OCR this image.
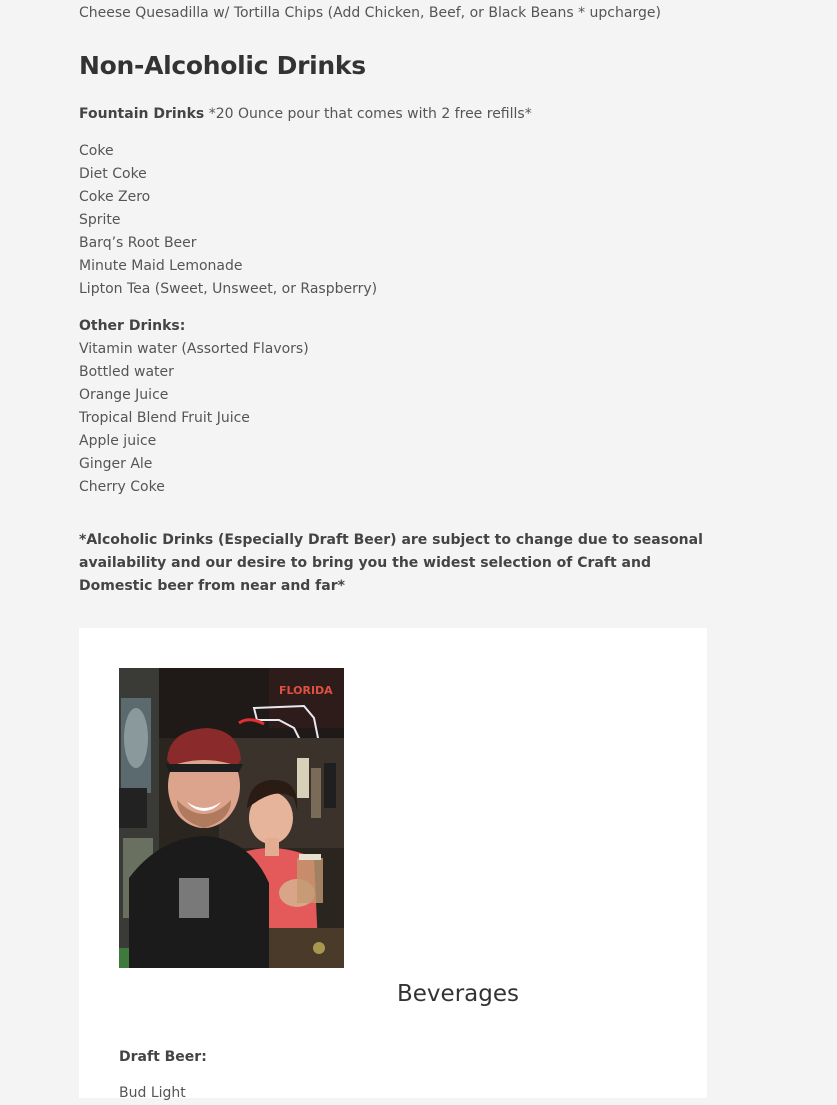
Cheese Quesadilla w/ Tortilla Chips (Add Chicken, Beef, or Black Beans * upcharge)
Non-Alcoholic Drinks
Fountain Drinks *20 Ounce pour that comes with 2 free refills*
Coke
Diet Coke
Coke Zero
Sprite
Barq’s Root Beer
Minute Maid Lemonade
Lipton Tea (Sweet, Unsweet, or Raspberry)
Other Drinks:
Vitamin water (Assorted Flavors)
Bottled water
Orange Juice
Tropical Blend Fruit Juice
Apple juice
Ginger Ale
Cherry Coke
*Alcoholic Drinks (Especially Draft Beer) are subject to change due to seasonal availability and our desire to bring you the widest selection of Craft and Domestic beer from near and far*
FLORIDA
Beverages
Draft Beer:
Bud Light
